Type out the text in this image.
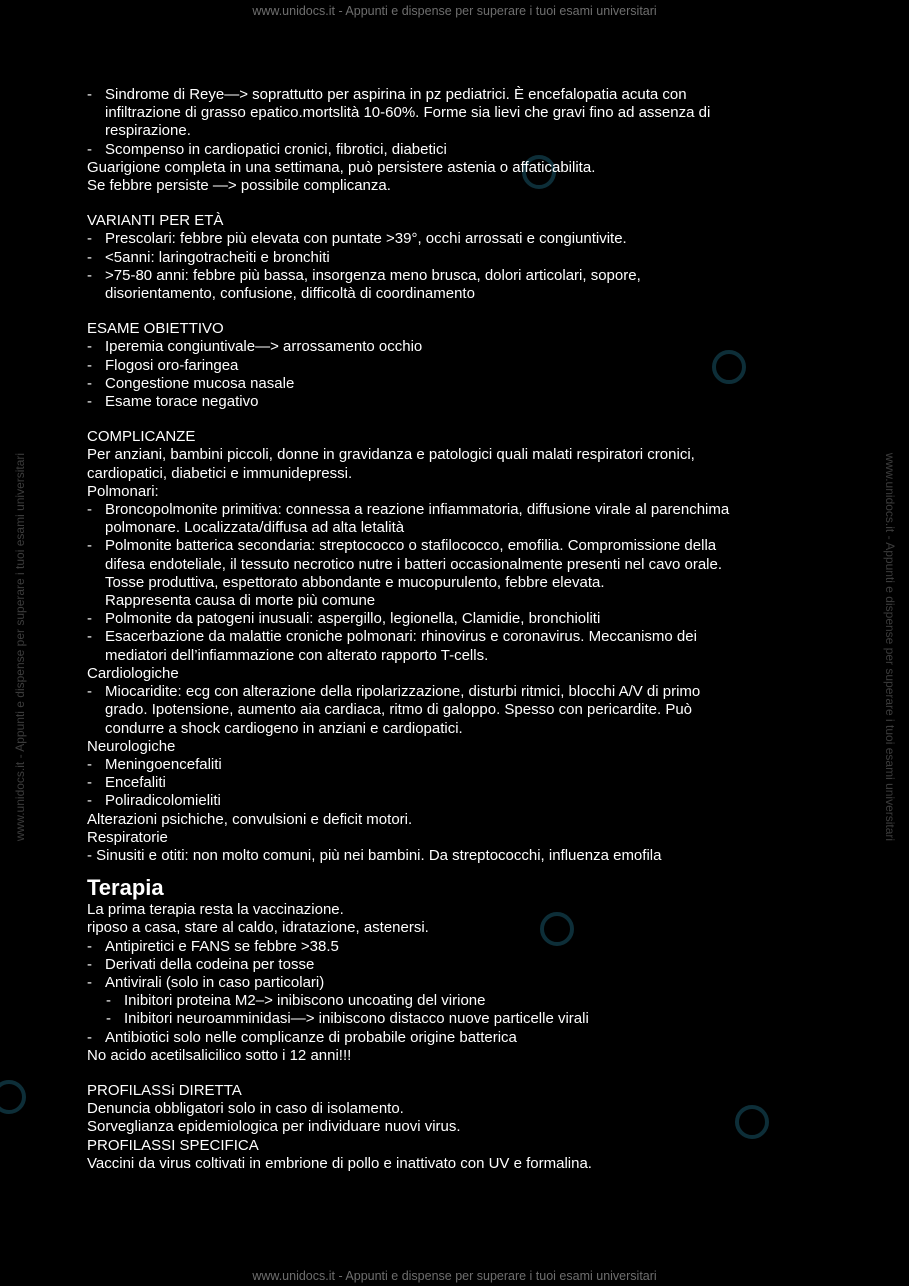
www.unidocs.it - Appunti e dispense per superare i tuoi esami universitari
www.unidocs.it - Appunti e dispense per superare i tuoi esami universitari
www.unidocs.it - Appunti e dispense per superare i tuoi esami universitari	www.unidocs.it - Appunti e dispense per superare i tuoi esami universitari
- Sindrome di Reye—> soprattutto per aspirina in pz pediatrici. È encefalopatia acuta con
infiltrazione di grasso epatico.mortslità 10-60%. Forme sia lievi che gravi fino ad assenza di
respirazione.
- Scompenso in cardiopatici cronici, fibrotici, diabetici
Guarigione completa in una settimana, può persistere astenia o affaticabilita.
Se febbre persiste —> possibile complicanza.
VARIANTI PER ETÀ
- Prescolari: febbre più elevata con puntate >39°, occhi arrossati e congiuntivite.
- <5anni: laringotracheiti e bronchiti
- >75-80 anni: febbre più bassa, insorgenza meno brusca, dolori articolari, sopore,
disorientamento, confusione, difficoltà di coordinamento
ESAME OBIETTIVO
- Iperemia congiuntivale—> arrossamento occhio
- Flogosi oro-faringea
- Congestione mucosa nasale
- Esame torace negativo
COMPLICANZE
Per anziani, bambini piccoli, donne in gravidanza e patologici quali malati respiratori cronici,
cardiopatici, diabetici e immunidepressi.
Polmonari:
- Broncopolmonite primitiva: connessa a reazione infiammatoria, diffusione virale al parenchima
polmonare. Localizzata/diffusa ad alta letalità
- Polmonite batterica secondaria: streptococco o stafilococco, emofilia. Compromissione della
difesa endoteliale, il tessuto necrotico nutre i batteri occasionalmente presenti nel cavo orale.
Tosse produttiva, espettorato abbondante e mucopurulento, febbre elevata.
Rappresenta causa di morte più comune
- Polmonite da patogeni inusuali: aspergillo, legionella, Clamidie, bronchioliti
- Esacerbazione da malattie croniche polmonari: rhinovirus e coronavirus. Meccanismo dei
mediatori dell’infiammazione con alterato rapporto T-cells.
Cardiologiche
- Miocaridite: ecg con alterazione della ripolarizzazione, disturbi ritmici, blocchi A/V di primo
grado. Ipotensione, aumento aia cardiaca, ritmo di galoppo. Spesso con pericardite. Può
condurre a shock cardiogeno in anziani e cardiopatici.
Neurologiche
- Meningoencefaliti
- Encefaliti
- Poliradicolomieliti
Alterazioni psichiche, convulsioni e deficit motori.
Respiratorie
- Sinusiti e otiti: non molto comuni, più nei bambini. Da streptococchi, influenza emofila
Terapia
La prima terapia resta la vaccinazione.
riposo a casa, stare al caldo, idratazione, astenersi.
- Antipiretici e FANS se febbre >38.5
- Derivati della codeina per tosse
- Antivirali (solo in caso particolari)
- Inibitori proteina M2–> inibiscono uncoating del virione
- Inibitori neuroamminidasi—> inibiscono distacco nuove particelle virali
- Antibiotici solo nelle complicanze di probabile origine batterica
No acido acetilsalicilico sotto i 12 anni!!!
PROFILASSi DIRETTA
Denuncia obbligatori solo in caso di isolamento.
Sorveglianza epidemiologica per individuare nuovi virus.
PROFILASSI SPECIFICA
Vaccini da virus coltivati in embrione di pollo e inattivato con UV e formalina.
